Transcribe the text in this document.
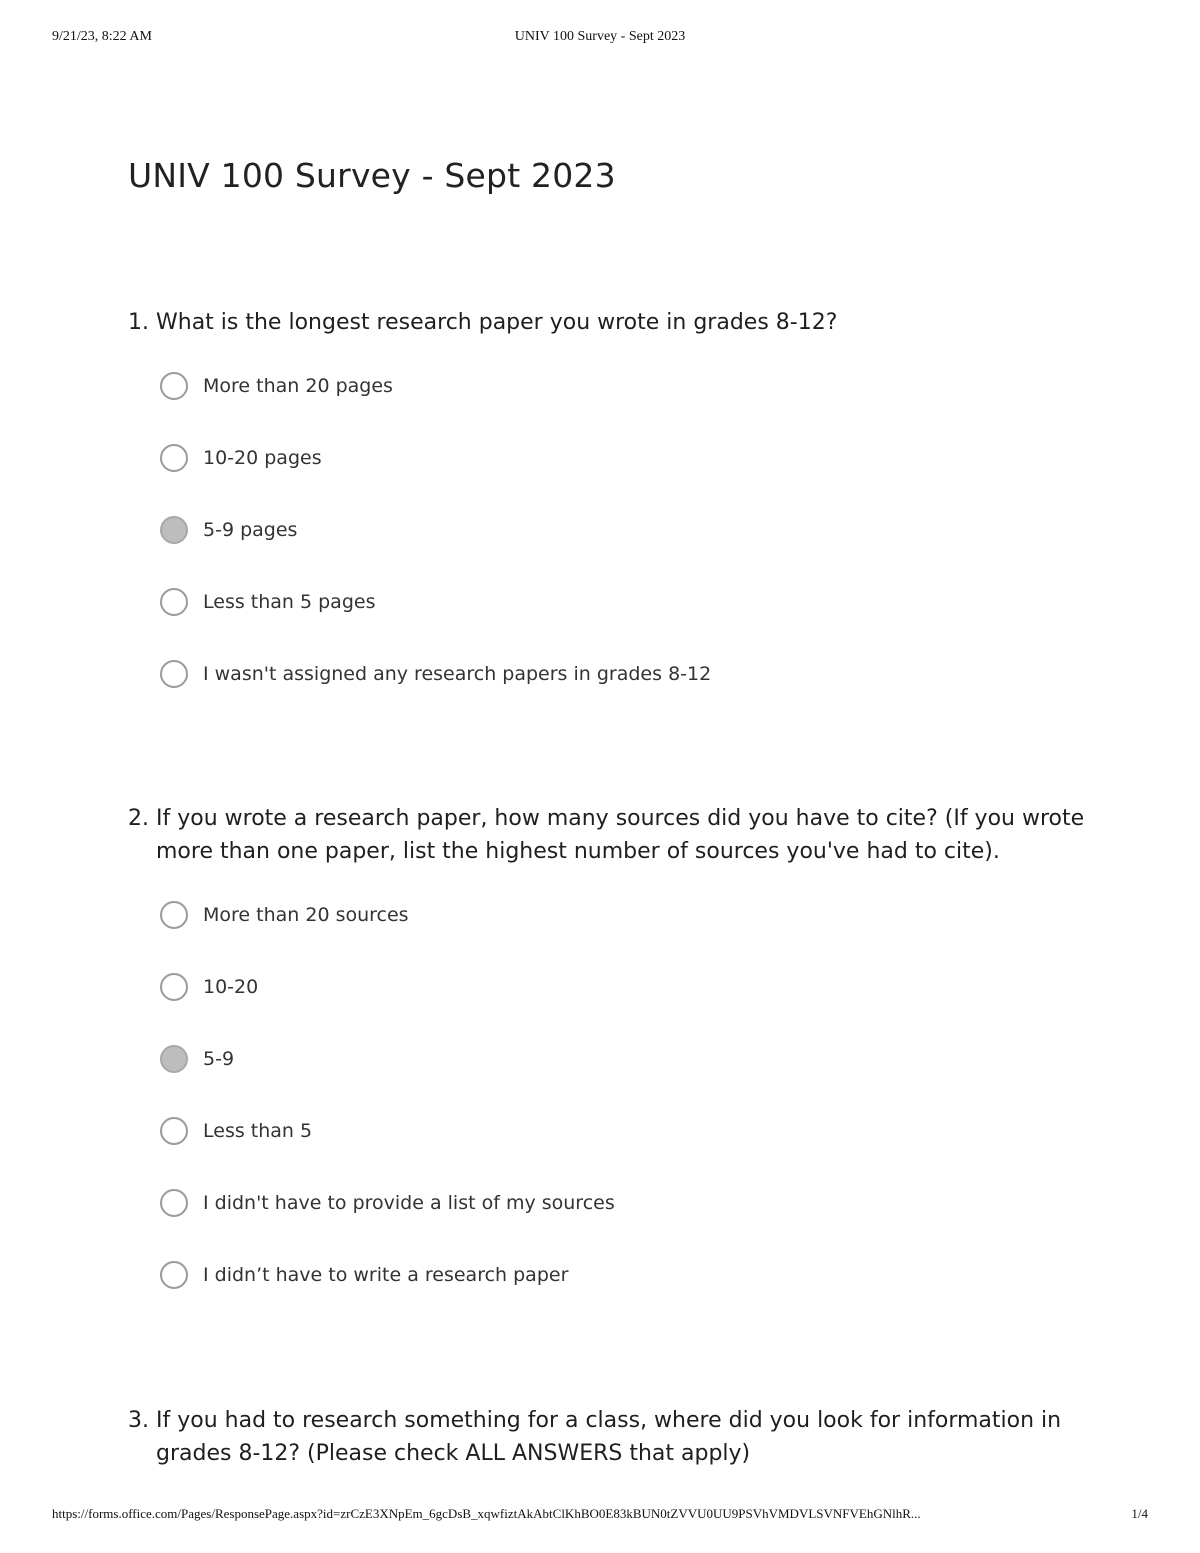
9/21/23, 8:22 AM	UNIV 100 Survey - Sept 2023
UNIV 100 Survey - Sept 2023

1. What is the longest research paper you wrote in grades 8-12?

More than 20 pages
10-20 pages
5-9 pages
Less than 5 pages
I wasn't assigned any research papers in grades 8-12

2. If you wrote a research paper, how many sources did you have to cite? (If you wrote more than one paper, list the highest number of sources you've had to cite).

More than 20 sources
10-20
5-9
Less than 5
I didn't have to provide a list of my sources
I didn’t have to write a research paper

3. If you had to research something for a class, where did you look for information in grades 8-12? (Please check ALL ANSWERS that apply)

https://forms.office.com/Pages/ResponsePage.aspx?id=zrCzE3XNpEm_6gcDsB_xqwfiztAkAbtClKhBO0E83kBUN0tZVVU0UU9PSVhVMDVLSVNFVEhGNlhR...	1/4
